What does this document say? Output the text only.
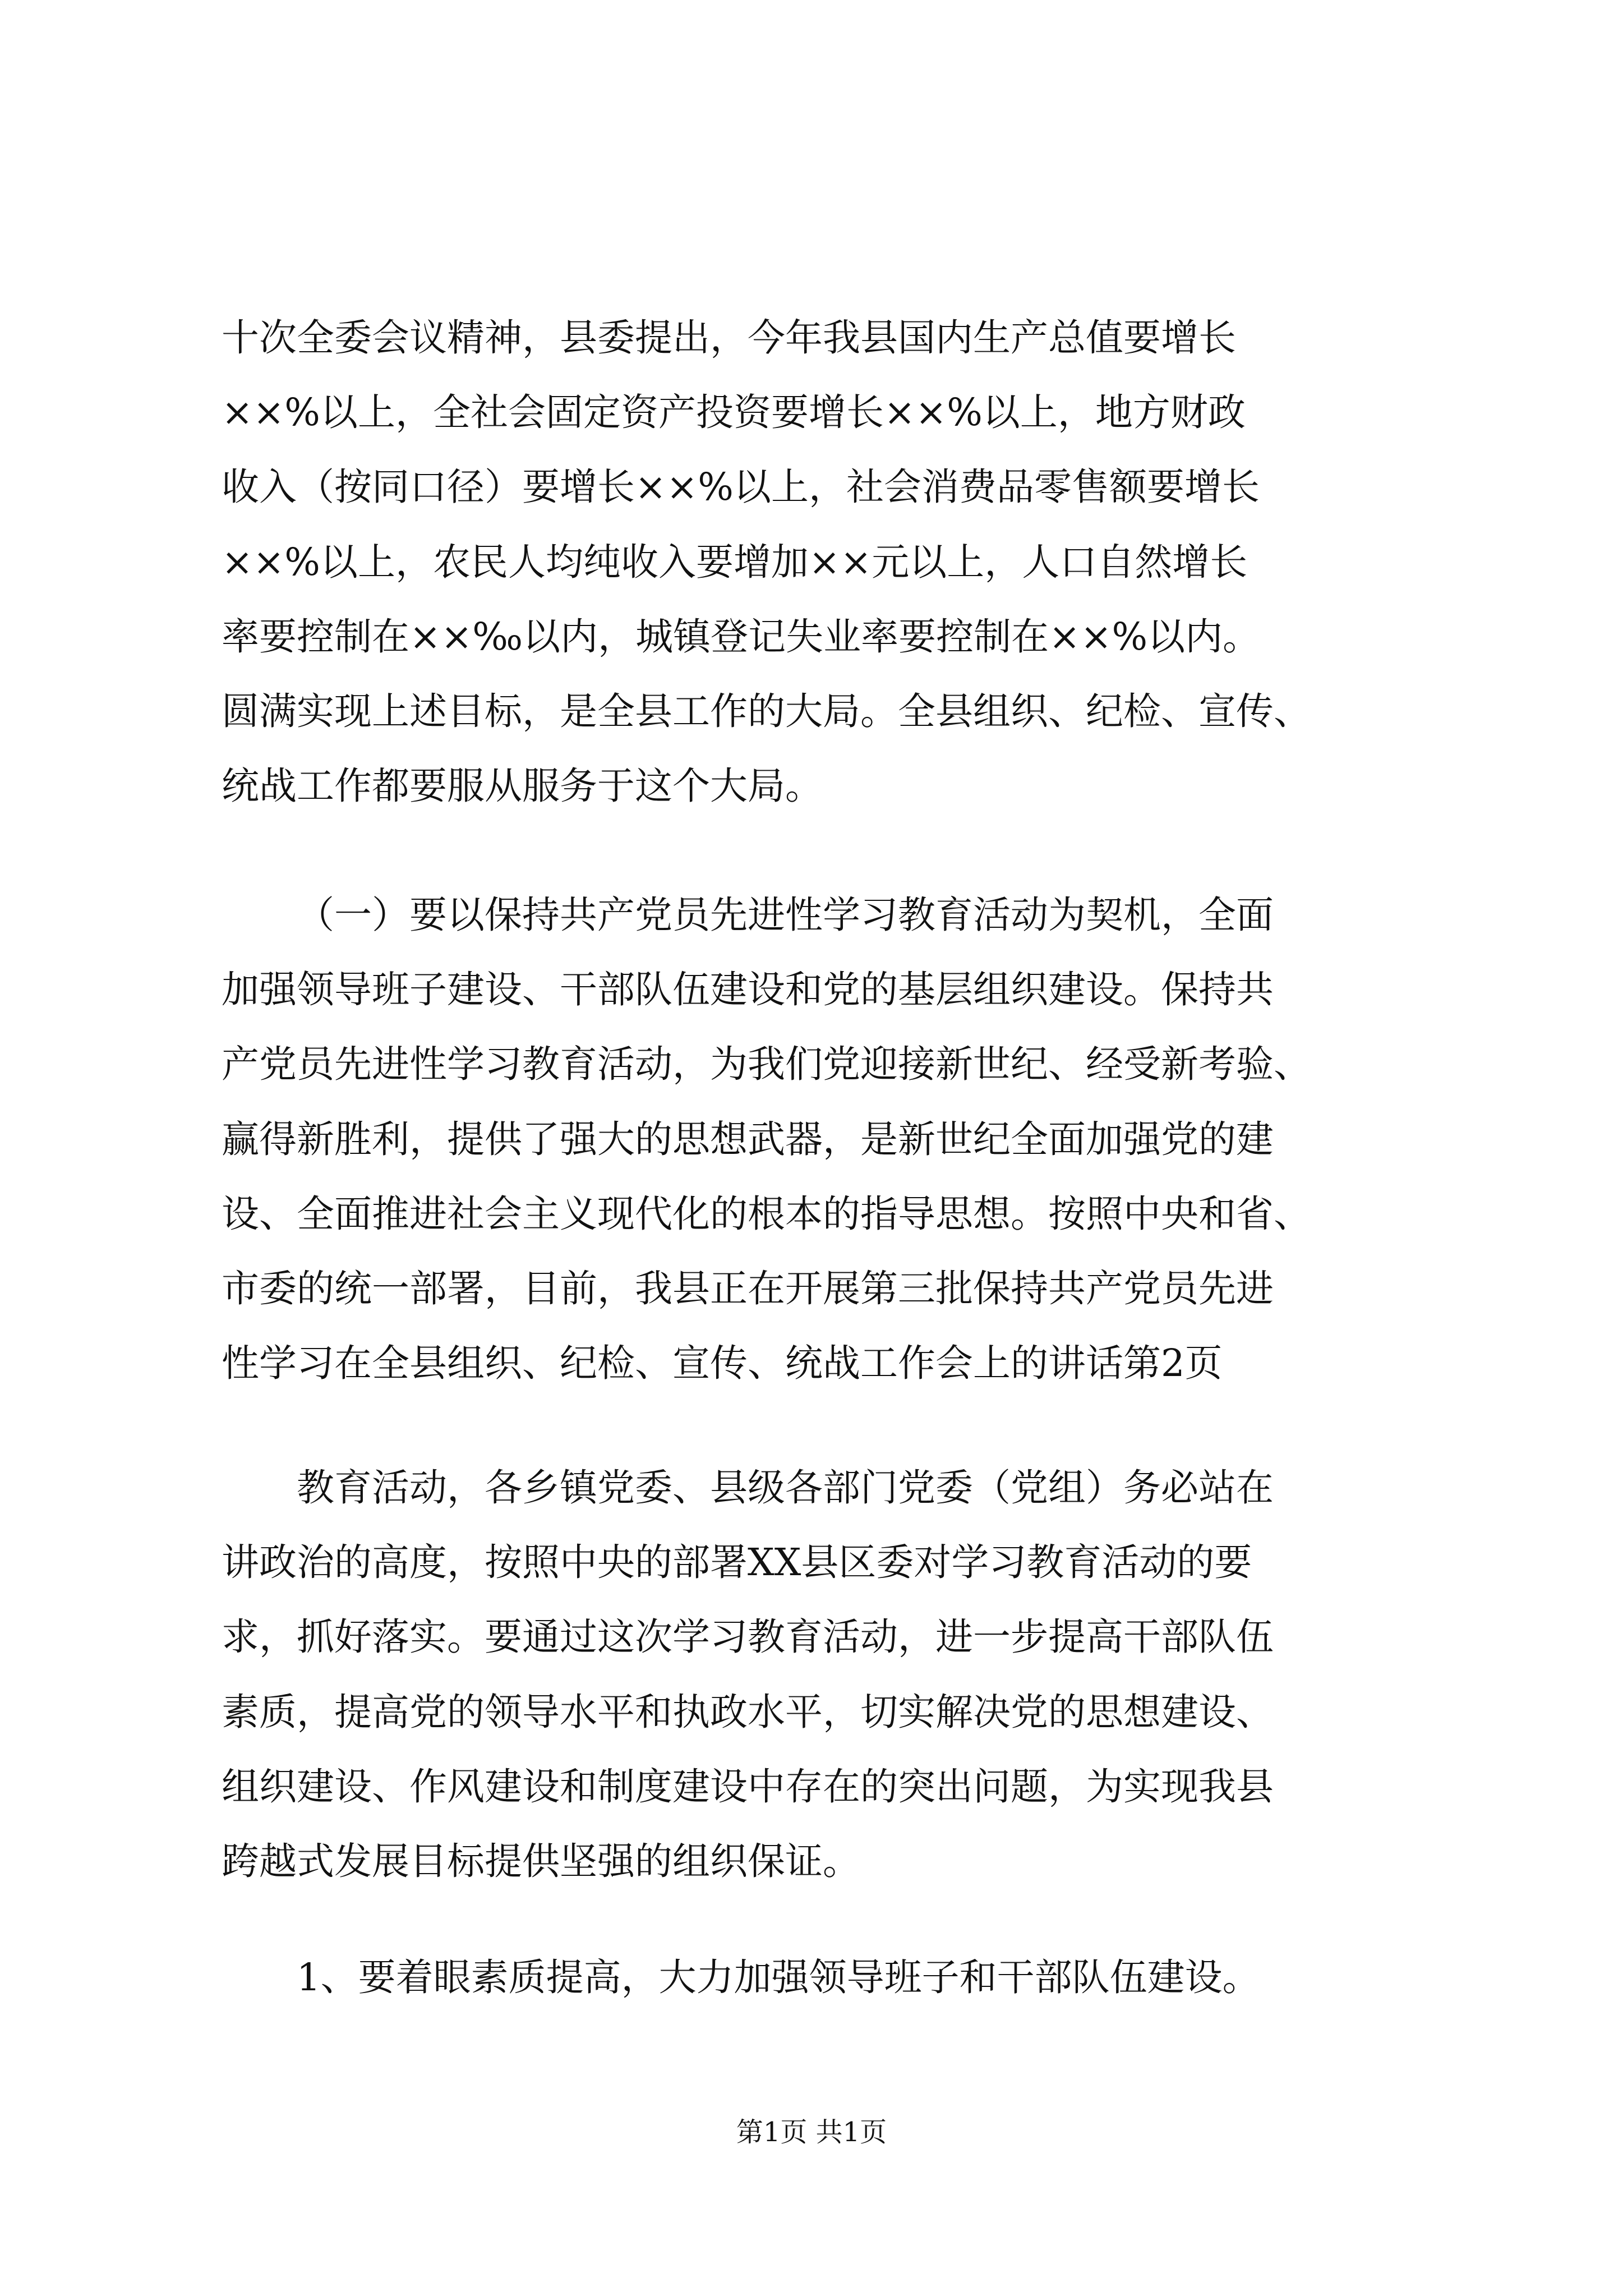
十次全委会议精神，县委提出，今年我县国内生产总值要增长
××%以上，全社会固定资产投资要增长××%以上，地方财政
收入（按同口径）要增长××%以上，社会消费品零售额要增长
××%以上，农民人均纯收入要增加××元以上，人口自然增长
率要控制在××‰以内，城镇登记失业率要控制在××%以内。
圆满实现上述目标，是全县工作的大局。全县组织、纪检、宣传、
统战工作都要服从服务于这个大局。
（一）要以保持共产党员先进性学习教育活动为契机，全面
加强领导班子建设、干部队伍建设和党的基层组织建设。保持共
产党员先进性学习教育活动，为我们党迎接新世纪、经受新考验、
赢得新胜利，提供了强大的思想武器，是新世纪全面加强党的建
设、全面推进社会主义现代化的根本的指导思想。按照中央和省、
市委的统一部署，目前，我县正在开展第三批保持共产党员先进
性学习在全县组织、纪检、宣传、统战工作会上的讲话第2页
教育活动，各乡镇党委、县级各部门党委（党组）务必站在
讲政治的高度，按照中央的部署XX县区委对学习教育活动的要
求，抓好落实。要通过这次学习教育活动，进一步提高干部队伍
素质，提高党的领导水平和执政水平，切实解决党的思想建设、
组织建设、作风建设和制度建设中存在的突出问题，为实现我县
跨越式发展目标提供坚强的组织保证。
1、要着眼素质提高，大力加强领导班子和干部队伍建设。
第1页 共1页
